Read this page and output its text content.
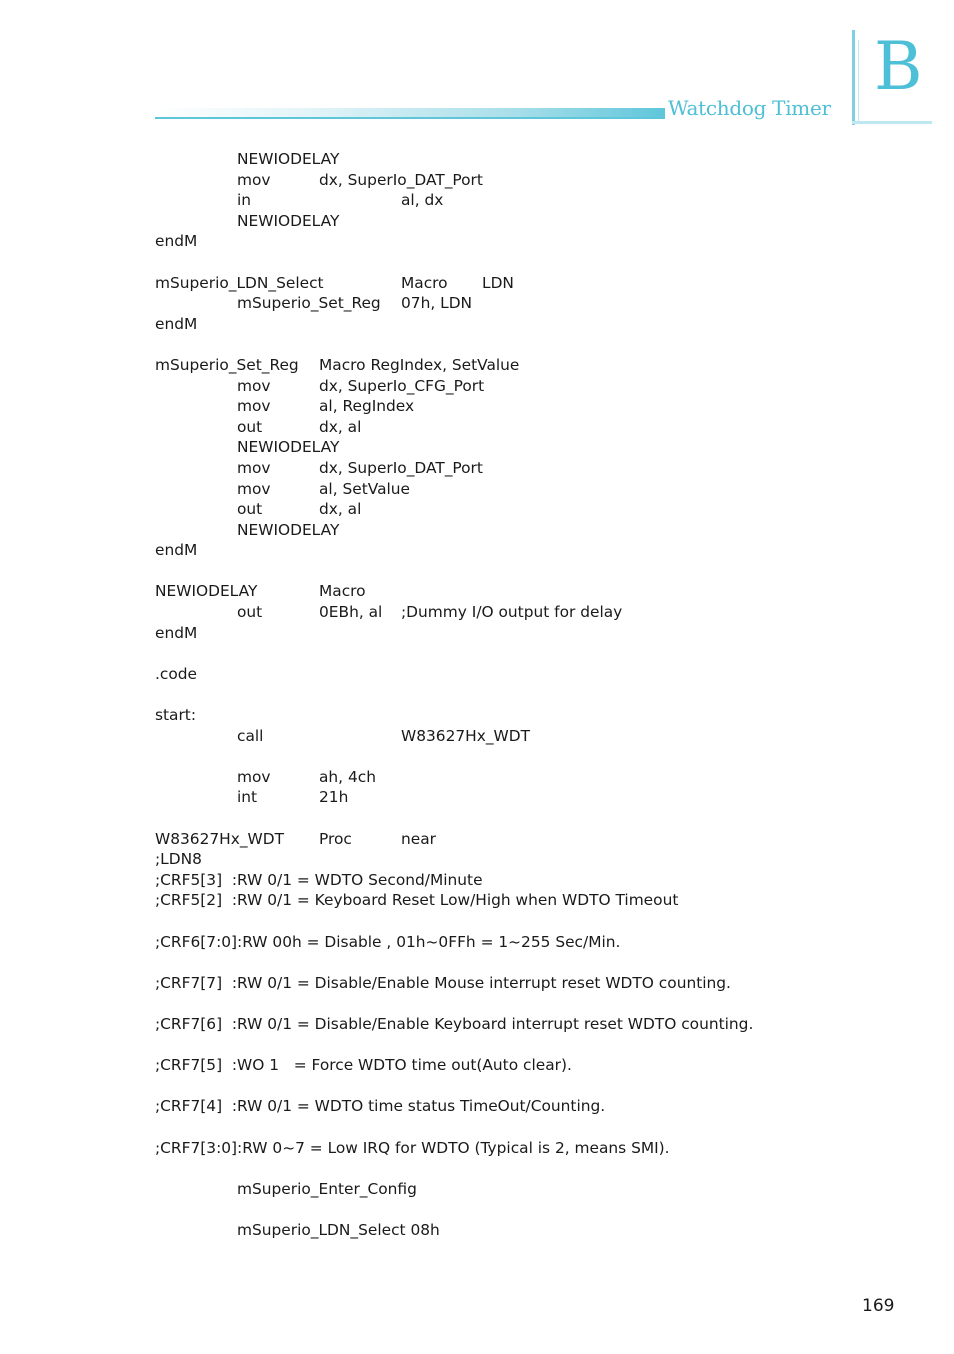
Watchdog Timer
B
NEWIODELAY
mov	dx, SuperIo_DAT_Port
in	al, dx
NEWIODELAY
endM
mSuperio_LDN_Select	Macro LDN
mSuperio_Set_Reg 07h, LDN
endM
mSuperio_Set_Reg Macro RegIndex, SetValue
mov	dx, SuperIo_CFG_Port
mov	al, RegIndex
out	dx, al
NEWIODELAY
mov	dx, SuperIo_DAT_Port
mov	al, SetValue
out	dx, al
NEWIODELAY
endM
NEWIODELAY	Macro
out	0EBh, al ;Dummy I/O output for delay
endM
.code
start:
call	W83627Hx_WDT
mov	ah, 4ch
int	21h
W83627Hx_WDT Proc	near
;LDN8
;CRF5[3]  :RW 0/1 = WDTO Second/Minute
;CRF5[2]  :RW 0/1 = Keyboard Reset Low/High when WDTO Timeout
;CRF6[7:0]:RW 00h = Disable , 01h~0FFh = 1~255 Sec/Min.
;CRF7[7]  :RW 0/1 = Disable/Enable Mouse interrupt reset WDTO counting.
;CRF7[6]  :RW 0/1 = Disable/Enable Keyboard interrupt reset WDTO counting.
;CRF7[5]  :WO 1   = Force WDTO time out(Auto clear).
;CRF7[4]  :RW 0/1 = WDTO time status TimeOut/Counting.
;CRF7[3:0]:RW 0~7 = Low IRQ for WDTO (Typical is 2, means SMI).
mSuperio_Enter_Config
mSuperio_LDN_Select 08h
169
